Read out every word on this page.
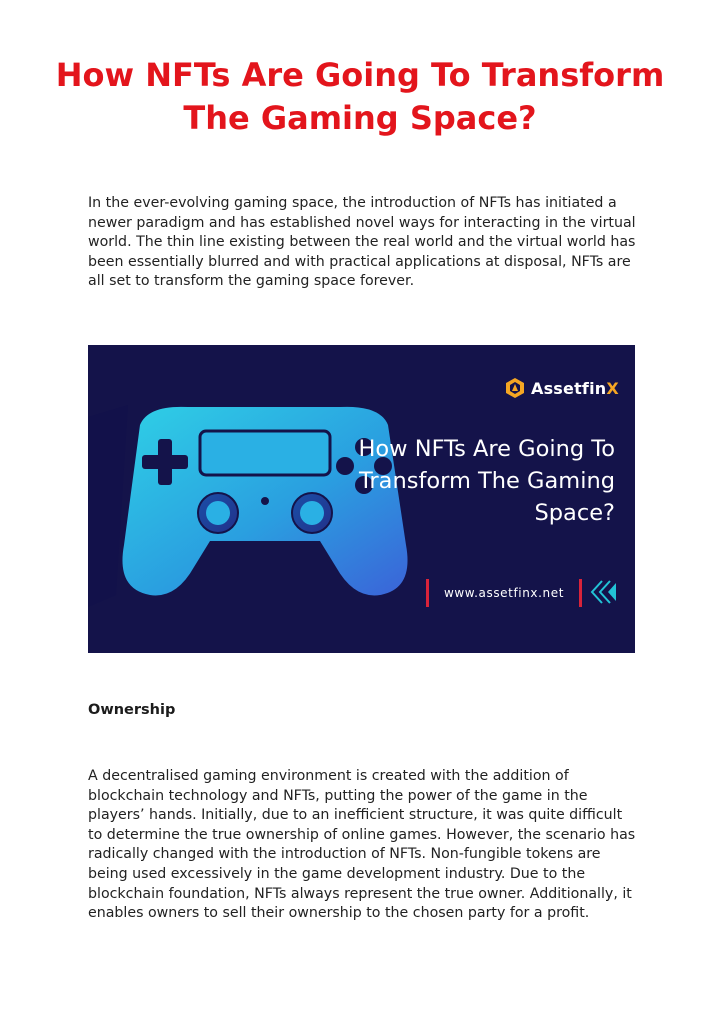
How NFTs Are Going To Transform The Gaming Space?

In the ever-evolving gaming space, the introduction of NFTs has initiated a newer paradigm and has established novel ways for interacting in the virtual world. The thin line existing between the real world and the virtual world has been essentially blurred and with practical applications at disposal, NFTs are all set to transform the gaming space forever.

AssetfinX
How NFTs Are Going To Transform The Gaming Space?
www.assetfinx.net
Ownership

A decentralised gaming environment is created with the addition of blockchain technology and NFTs, putting the power of the game in the players’ hands. Initially, due to an inefficient structure, it was quite difficult to determine the true ownership of online games. However, the scenario has radically changed with the introduction of NFTs. Non-fungible tokens are being used excessively in the game development industry. Due to the blockchain foundation, NFTs always represent the true owner. Additionally, it enables owners to sell their ownership to the chosen party for a profit.
